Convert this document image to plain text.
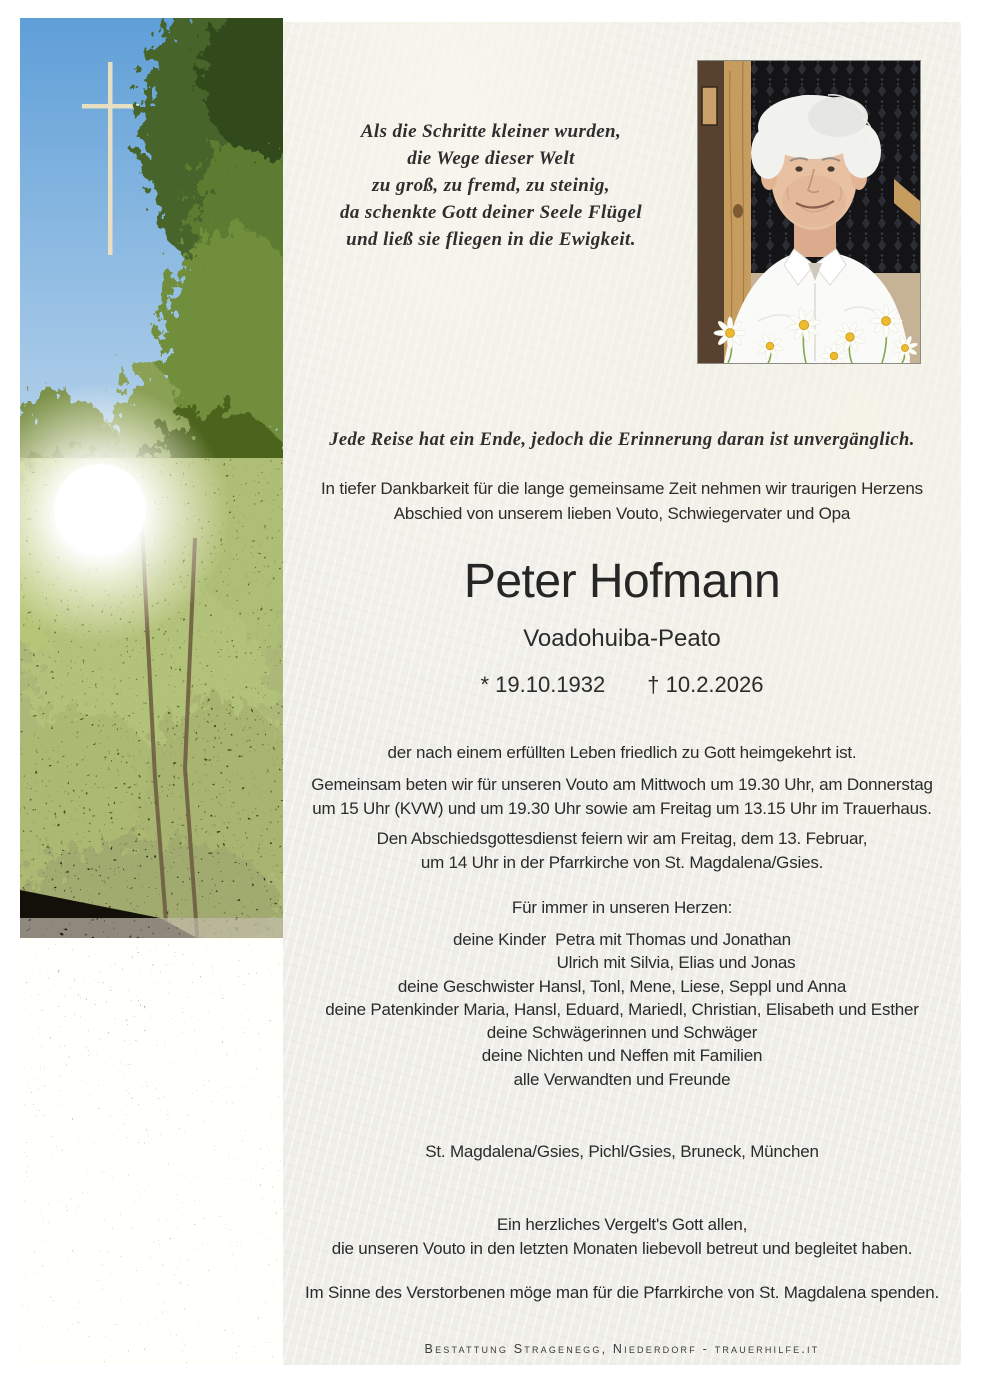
Als die Schritte kleiner wurden,
die Wege dieser Welt
zu groß, zu fremd, zu steinig,
da schenkte Gott deiner Seele Flügel
und ließ sie fliegen in die Ewigkeit.
Jede Reise hat ein Ende, jedoch die Erinnerung daran ist unvergänglich.
In tiefer Dankbarkeit für die lange gemeinsame Zeit nehmen wir traurigen Herzens
Abschied von unserem lieben Vouto, Schwiegervater und Opa
Peter Hofmann
Voadohuiba-Peato
* 19.10.1932 † 10.2.2026
der nach einem erfüllten Leben friedlich zu Gott heimgekehrt ist.
Gemeinsam beten wir für unseren Vouto am Mittwoch um 19.30 Uhr, am Donnerstag
um 15 Uhr (KVW) und um 19.30 Uhr sowie am Freitag um 13.15 Uhr im Trauerhaus.
Den Abschiedsgottesdienst feiern wir am Freitag, dem 13. Februar,
um 14 Uhr in der Pfarrkirche von St. Magdalena/Gsies.
Für immer in unseren Herzen:
deine Kinder  Petra mit Thomas und Jonathan
Ulrich mit Silvia, Elias und Jonas
deine Geschwister Hansl, Tonl, Mene, Liese, Seppl und Anna
deine Patenkinder Maria, Hansl, Eduard, Mariedl, Christian, Elisabeth und Esther
deine Schwägerinnen und Schwäger
deine Nichten und Neffen mit Familien
alle Verwandten und Freunde
St. Magdalena/Gsies, Pichl/Gsies, Bruneck, München
Ein herzliches Vergelt's Gott allen,
die unseren Vouto in den letzten Monaten liebevoll betreut und begleitet haben.
Im Sinne des Verstorbenen möge man für die Pfarrkirche von St. Magdalena spenden.
Bestattung Stragenegg, Niederdorf - trauerhilfe.it
